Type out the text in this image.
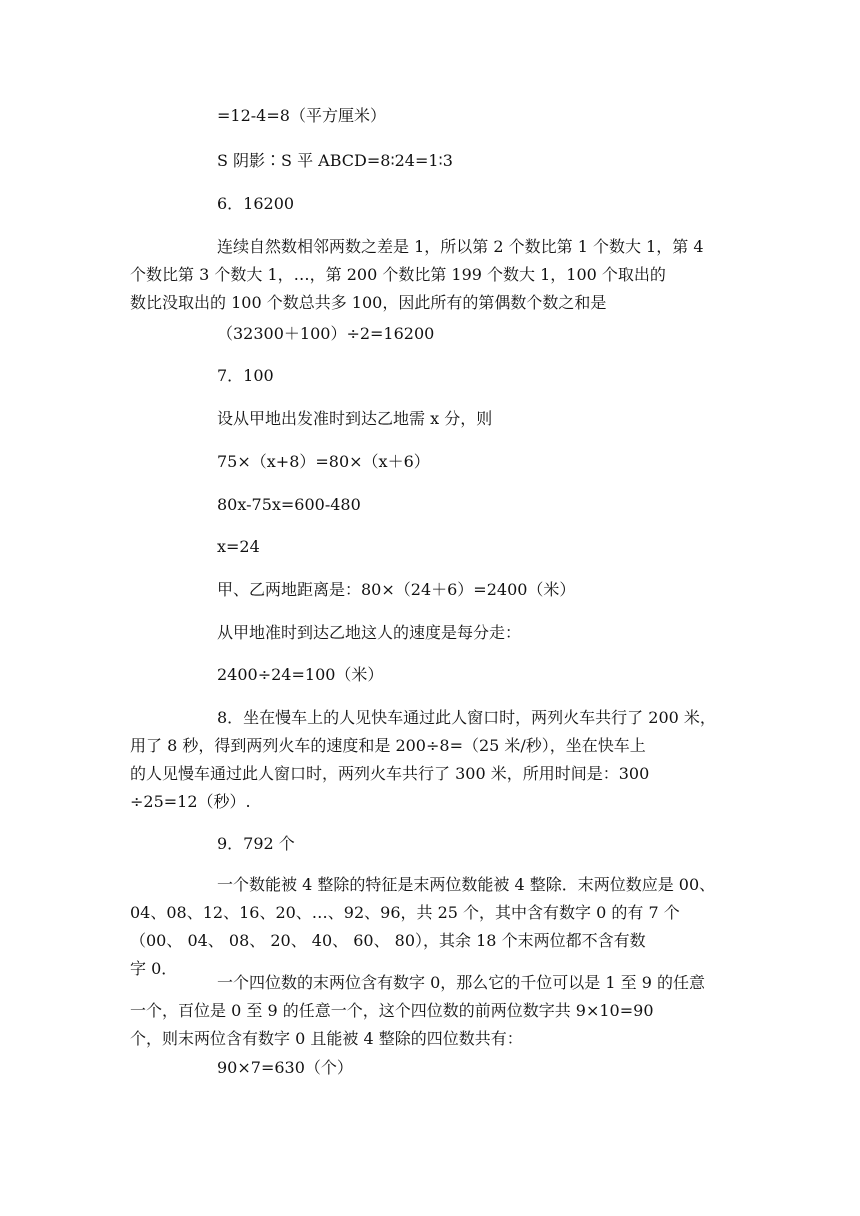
=12-4=8（平方厘米）
S 阴影∶S 平 ABCD=8∶24=1∶3
6．16200
连续自然数相邻两数之差是 1，所以第 2 个数比第 1 个数大 1，第 4
个数比第 3 个数大 1，…，第 200 个数比第 199 个数大 1，100 个取出的
数比没取出的 100 个数总共多 100，因此所有的第偶数个数之和是
（32300＋100）÷2=16200
7．100
设从甲地出发准时到达乙地需 x 分，则
75×（x+8）=80×（x＋6）
80x-75x=600-480
x=24
甲、乙两地距离是：80×（24＋6）=2400（米）
从甲地准时到达乙地这人的速度是每分走：
2400÷24=100（米）
8．坐在慢车上的人见快车通过此人窗口时，两列火车共行了 200 米，
用了 8 秒，得到两列火车的速度和是 200÷8=（25 米/秒），坐在快车上
的人见慢车通过此人窗口时，两列火车共行了 300 米，所用时间是：300
÷25=12（秒）.
9．792 个
一个数能被 4 整除的特征是末两位数能被 4 整除．末两位数应是 00、
04、08、12、16、20、…、92、96，共 25 个，其中含有数字 0 的有 7 个
（00、 04、 08、 20、 40、 60、 80），其余 18 个末两位都不含有数
字 0．
一个四位数的末两位含有数字 0，那么它的千位可以是 1 至 9 的任意
一个，百位是 0 至 9 的任意一个，这个四位数的前两位数字共 9×10=90
个，则末两位含有数字 0 且能被 4 整除的四位数共有：
90×7=630（个）
